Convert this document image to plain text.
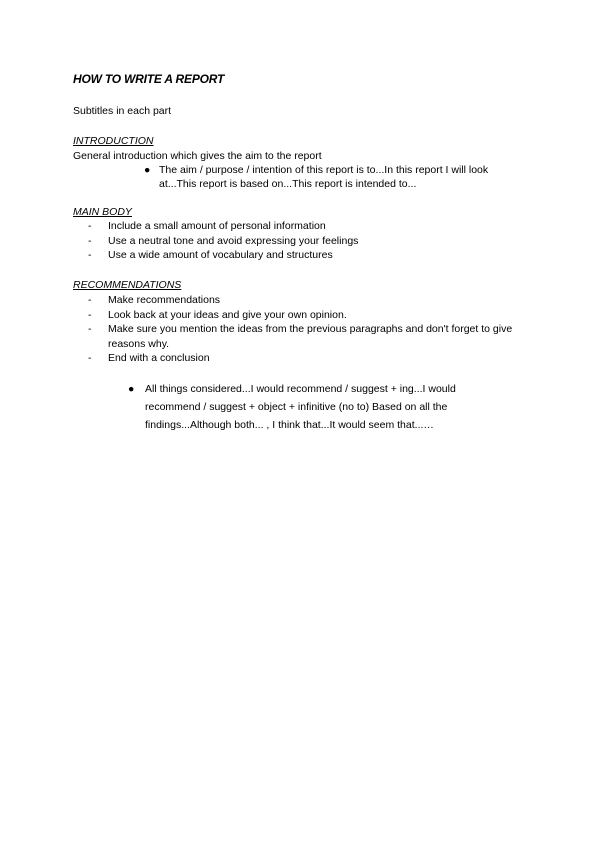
HOW TO WRITE A REPORT
Subtitles in each part
INTRODUCTION
General introduction which gives the aim to the report
● The aim / purpose / intention of this report is to...In this report I will look
at...This report is based on...This report is intended to...
MAIN BODY
- Include a small amount of personal information
- Use a neutral tone and avoid expressing your feelings
- Use a wide amount of vocabulary and structures
RECOMMENDATIONS
- Make recommendations
- Look back at your ideas and give your own opinion.
- Make sure you mention the ideas from the previous paragraphs and don't forget to give reasons why.
- End with a conclusion
● All things considered...I would recommend / suggest + ing...I would recommend / suggest + object + infinitive (no to) Based on all the findings...Although both... , I think that...It would seem that...…
